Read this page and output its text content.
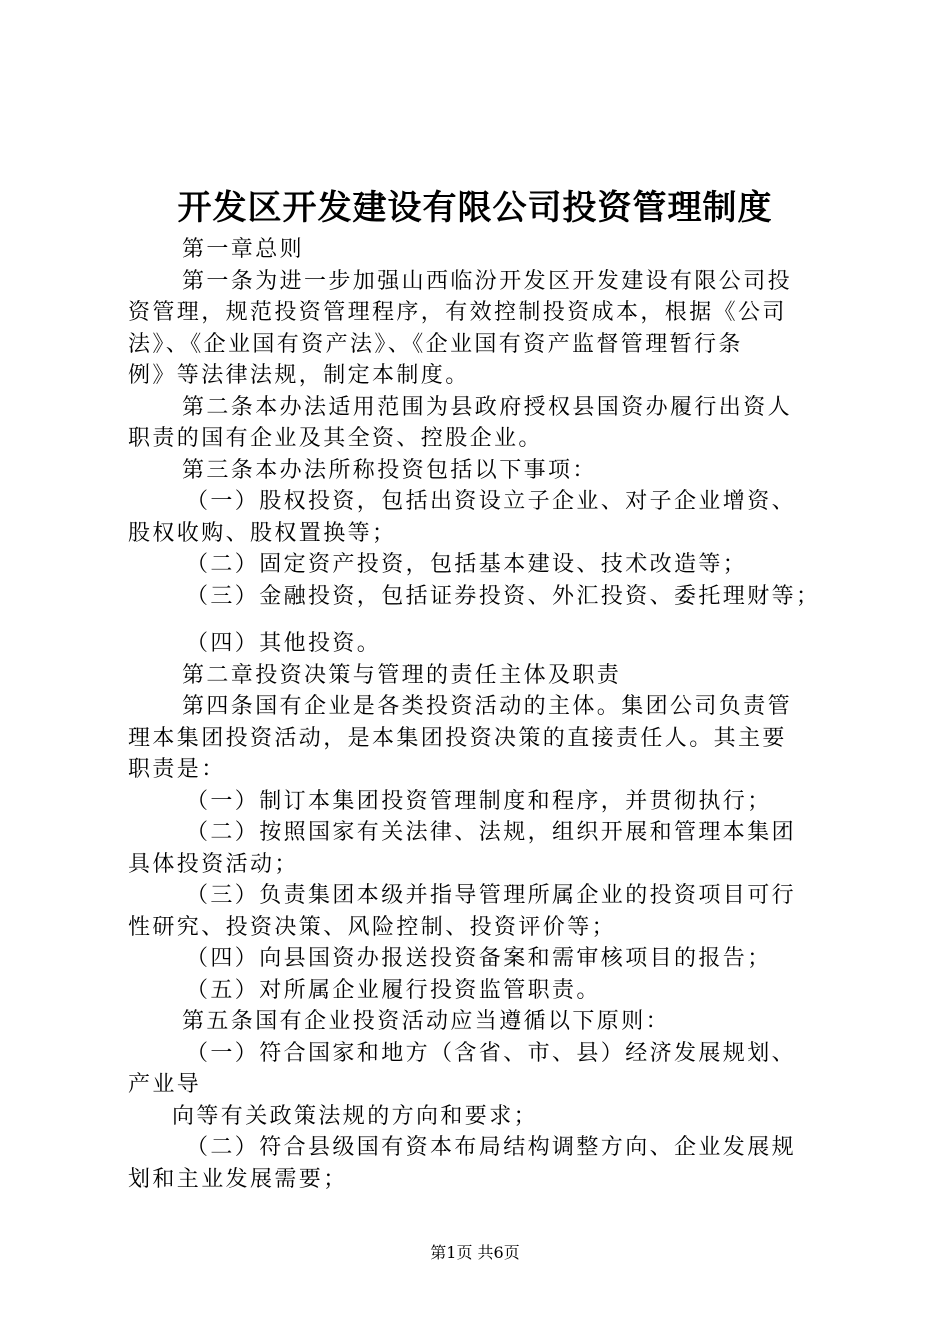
开发区开发建设有限公司投资管理制度

第一章总则

第一条为进一步加强山西临汾开发区开发建设有限公司投

资管理，规范投资管理程序，有效控制投资成本，根据《公司

法》、《企业国有资产法》、《企业国有资产监督管理暂行条

例》等法律法规，制定本制度。

第二条本办法适用范围为县政府授权县国资办履行出资人

职责的国有企业及其全资、控股企业。

第三条本办法所称投资包括以下事项：

（一）股权投资，包括出资设立子企业、对子企业增资、

股权收购、股权置换等；

（二）固定资产投资，包括基本建设、技术改造等；

（三）金融投资，包括证券投资、外汇投资、委托理财等；

（四）其他投资。

第二章投资决策与管理的责任主体及职责

第四条国有企业是各类投资活动的主体。集团公司负责管

理本集团投资活动，是本集团投资决策的直接责任人。其主要

职责是：

（一）制订本集团投资管理制度和程序，并贯彻执行；

（二）按照国家有关法律、法规，组织开展和管理本集团

具体投资活动；

（三）负责集团本级并指导管理所属企业的投资项目可行

性研究、投资决策、风险控制、投资评价等；

（四）向县国资办报送投资备案和需审核项目的报告；

（五）对所属企业履行投资监管职责。

第五条国有企业投资活动应当遵循以下原则：

（一）符合国家和地方（含省、市、县）经济发展规划、

产业导

向等有关政策法规的方向和要求；

（二）符合县级国有资本布局结构调整方向、企业发展规

划和主业发展需要；

第1页 共6页
